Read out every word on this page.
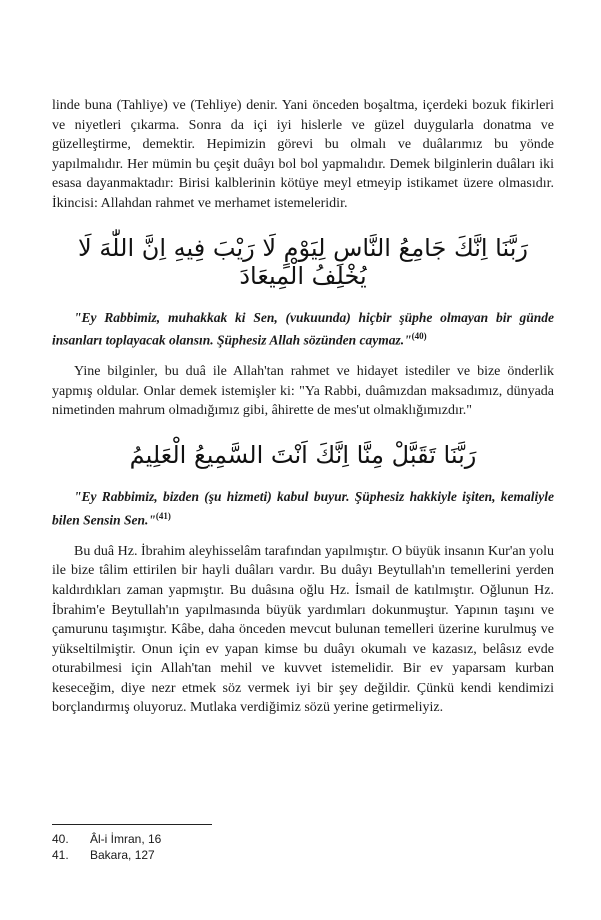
linde buna (Tahliye) ve (Tehliye) denir. Yani önceden boşaltma, içerdeki bozuk fikirleri ve niyetleri çıkarma. Sonra da içi iyi hislerle ve güzel duygularla donatma ve güzelleştirme, demektir. Hepimizin görevi bu olmalı ve duâlarımız bu yönde yapılmalıdır. Her mümin bu çeşit duâyı bol bol yapmalıdır. Demek bilginlerin duâları iki esasa dayanmaktadır: Birisi kalblerinin kötüye meyl etmeyip istikamet üzere olmasıdır. İkincisi: Allahdan rahmet ve merhamet istemeleridir.

رَبَّنَا اِنَّكَ جَامِعُ النَّاسِ لِيَوْمٍ لَا رَيْبَ فِيهِ اِنَّ اللّٰهَ لَا يُخْلِفُ الْمِيعَادَ

"Ey Rabbimiz, muhakkak ki Sen, (vukuunda) hiçbir şüphe olmayan bir günde insanları toplayacak olansın. Şüphesiz Allah sözünden caymaz."$^{(40)}$

Yine bilginler, bu duâ ile Allah'tan rahmet ve hidayet istediler ve bize önderlik yapmış oldular. Onlar demek istemişler ki: "Ya Rabbi, duâmızdan maksadımız, dünyada nimetinden mahrum olmadığımız gibi, âhirette de mes'ut olmaklığımızdır."

رَبَّنَا تَقَبَّلْ مِنَّا اِنَّكَ اَنْتَ السَّمِيعُ الْعَلِيمُ

"Ey Rabbimiz, bizden (şu hizmeti) kabul buyur. Şüphesiz hakkiyle işiten, kemaliyle bilen Sensin Sen."$^{(41)}$

Bu duâ Hz. İbrahim aleyhisselâm tarafından yapılmıştır. O büyük insanın Kur'an yolu ile bize tâlim ettirilen bir hayli duâları vardır. Bu duâyı Beytullah'ın temellerini yerden kaldırdıkları zaman yapmıştır. Bu duâsına oğlu Hz. İsmail de katılmıştır. Oğlunun Hz. İbrahim'e Beytullah'ın yapılmasında büyük yardımları dokunmuştur. Yapının taşını ve çamurunu taşımıştır. Kâbe, daha önceden mevcut bulunan temelleri üzerine kurulmuş ve yükseltilmiştir. Onun için ev yapan kimse bu duâyı okumalı ve kazasız, belâsız evde oturabilmesi için Allah'tan mehil ve kuvvet istemelidir. Bir ev yaparsam kurban keseceğim, diye nezr etmek söz vermek iyi bir şey değildir. Çünkü kendi kendimizi borçlandırmış oluyoruz. Mutlaka verdiğimiz sözü yerine getirmeliyiz.

40. Âl-i İmran, 16
41. Bakara, 127
